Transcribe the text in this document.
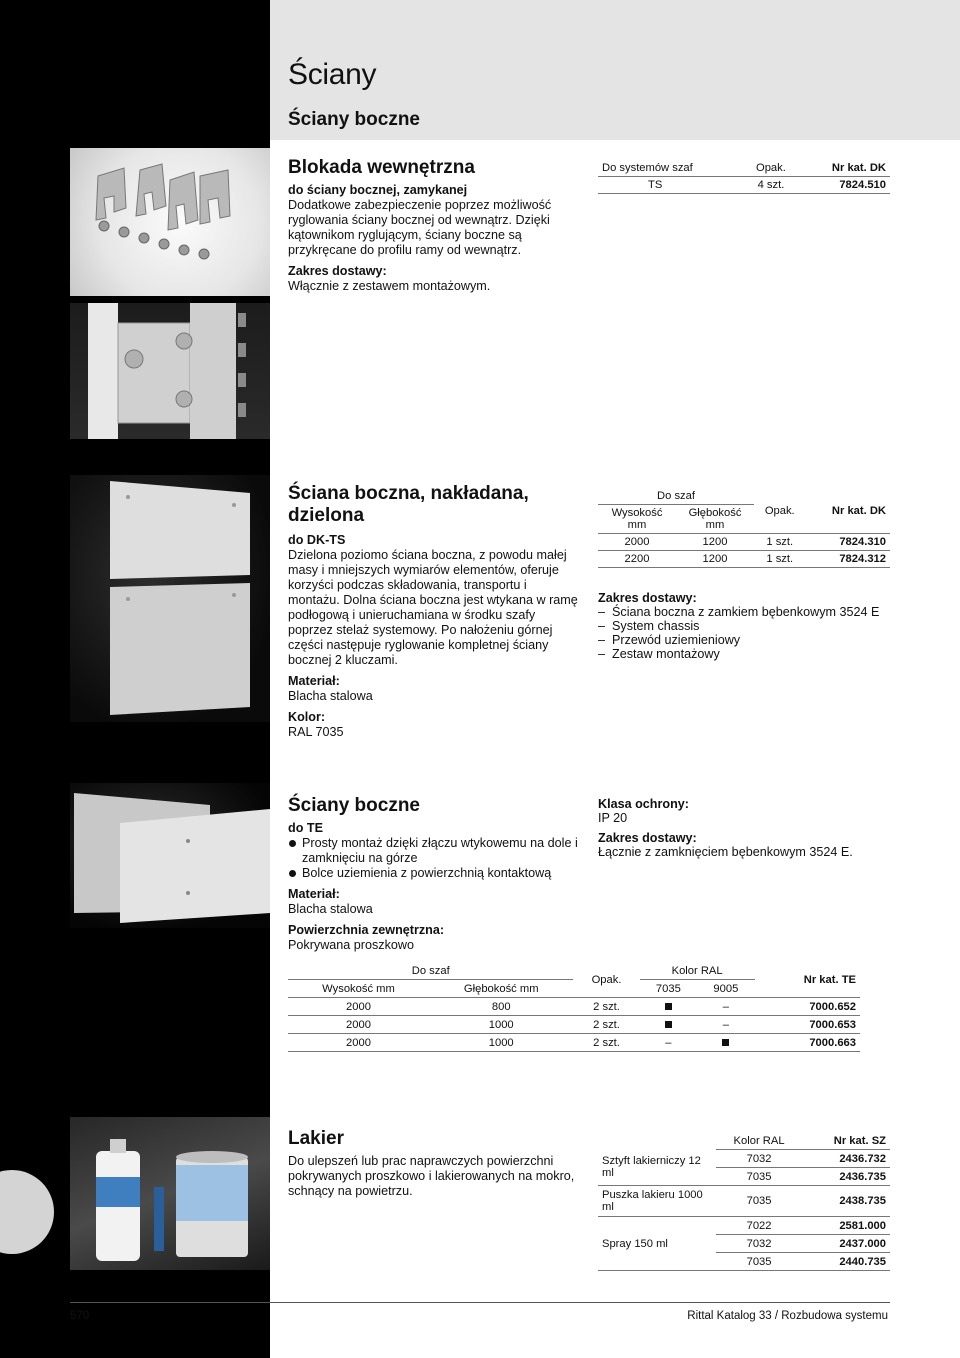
Ściany
Ściany boczne
Blokada wewnętrzna

do ściany bocznej, zamykanej

Dodatkowe zabezpieczenie poprzez możliwość ryglowania ściany bocznej od wewnątrz. Dzięki kątownikom ryglującym, ściany boczne są przykręcane do profilu ramy od wewnątrz.

Zakres dostawy:

Włącznie z zestawem montażowym.

Do systemów szaf	Opak.	Nr kat. DK
TS	4 szt.	7824.510
Ściana boczna, nakładana, dzielona

do DK-TS

Dzielona poziomo ściana boczna, z powodu małej masy i mniejszych wymiarów elementów, oferuje korzyści podczas składowania, transportu i montażu. Dolna ściana boczna jest wtykana w ramę podłogową i unieruchamiana w środku szafy poprzez stelaż systemowy. Po nałożeniu górnej części następuje ryglowanie kompletnej ściany bocznej 2 kluczami.

Materiał:

Blacha stalowa

Kolor:

RAL 7035

Do szaf		Opak.	Nr kat. DK
Wysokość mm	Głębokość mm		
2000	1200	1 szt.	7824.310
2200	1200	1 szt.	7824.312

Zakres dostawy:

– Ściana boczna z zamkiem bębenkowym 3524 E
– System chassis
– Przewód uziemieniowy
– Zestaw montażowy
Ściany boczne

do TE

Prosty montaż dzięki złączu wtykowemu na dole i zamknięciu na górze
Bolce uziemienia z powierzchnią kontaktową

Materiał:

Blacha stalowa

Powierzchnia zewnętrzna:

Pokrywana proszkowo

Klasa ochrony:

IP 20

Zakres dostawy:

Łącznie z zamknięciem bębenkowym 3524 E.

Do szaf		Opak.	Kolor RAL		Nr kat. TE
Wysokość mm	Głębokość mm		7035	9005	
2000	800	2 szt.		–	7000.652
2000	1000	2 szt.		–	7000.653
2000	1000	2 szt.	–		7000.663
Lakier

Do ulepszeń lub prac naprawczych powierzchni pokrywanych proszkowo i lakierowanych na mokro, schnący na powietrzu.

	Kolor RAL	Nr kat. SZ
Sztyft lakierniczy 12 ml	7032	2436.732
	7035	2436.735
Puszka lakieru 1000 ml	7035	2438.735
Spray 150 ml	7022	2581.000
	7032	2437.000
	7035	2440.735
570	Rittal Katalog 33 / Rozbudowa systemu
